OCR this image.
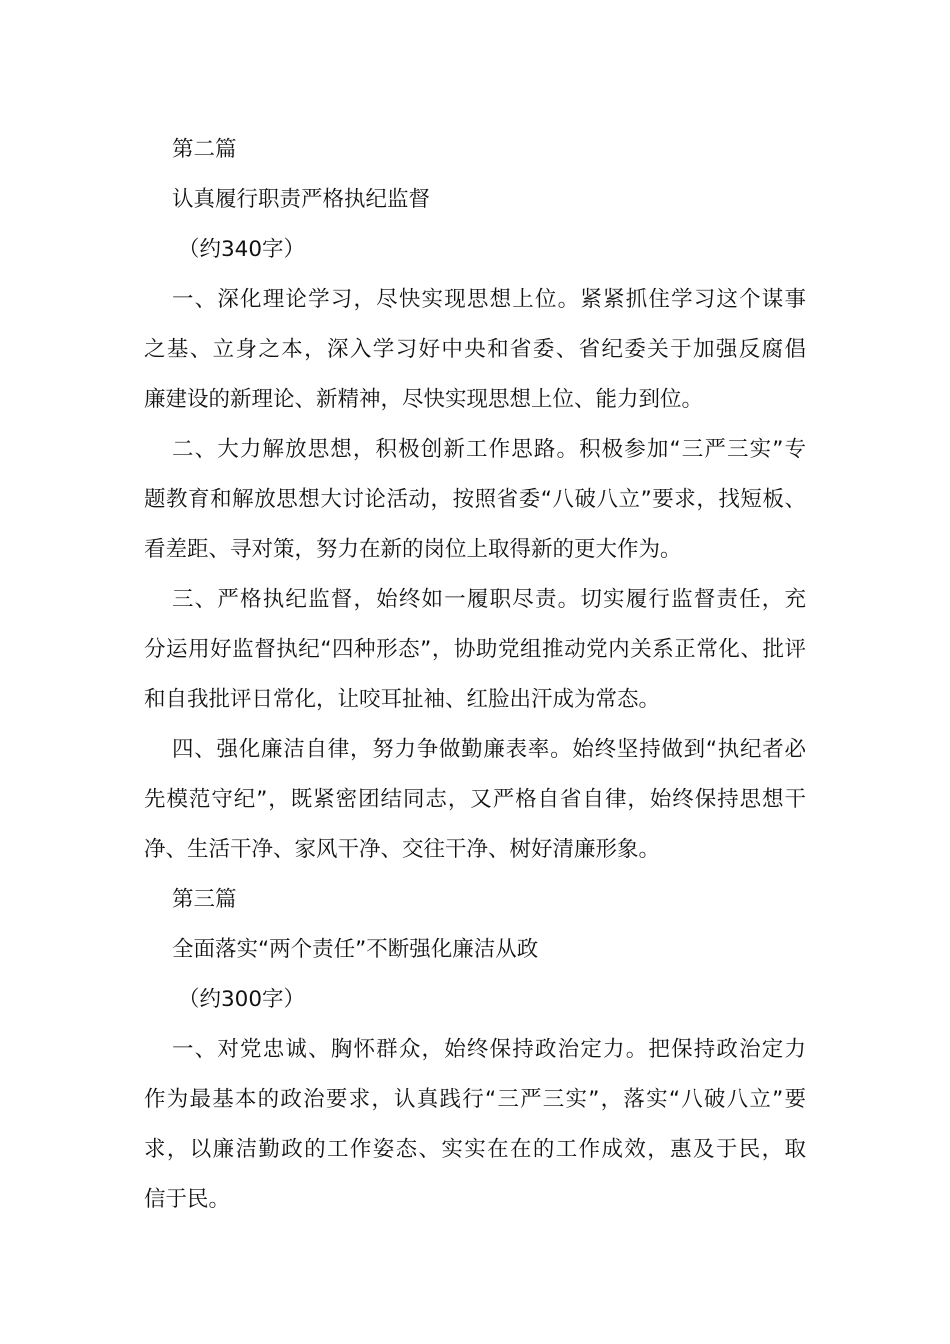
第二篇
认真履行职责严格执纪监督
（约340字）
一、深化理论学习，尽快实现思想上位。紧紧抓住学习这个谋事
之基、立身之本，深入学习好中央和省委、省纪委关于加强反腐倡
廉建设的新理论、新精神，尽快实现思想上位、能力到位。
二、大力解放思想，积极创新工作思路。积极参加“三严三实”专
题教育和解放思想大讨论活动，按照省委“八破八立”要求，找短板、
看差距、寻对策，努力在新的岗位上取得新的更大作为。
三、严格执纪监督，始终如一履职尽责。切实履行监督责任，充
分运用好监督执纪“四种形态”，协助党组推动党内关系正常化、批评
和自我批评日常化，让咬耳扯袖、红脸出汗成为常态。
四、强化廉洁自律，努力争做勤廉表率。始终坚持做到“执纪者必
先模范守纪”，既紧密团结同志，又严格自省自律，始终保持思想干
净、生活干净、家风干净、交往干净、树好清廉形象。
第三篇
全面落实“两个责任”不断强化廉洁从政
（约300字）
一、对党忠诚、胸怀群众，始终保持政治定力。把保持政治定力
作为最基本的政治要求，认真践行“三严三实”，落实“八破八立”要
求，以廉洁勤政的工作姿态、实实在在的工作成效，惠及于民，取
信于民。
